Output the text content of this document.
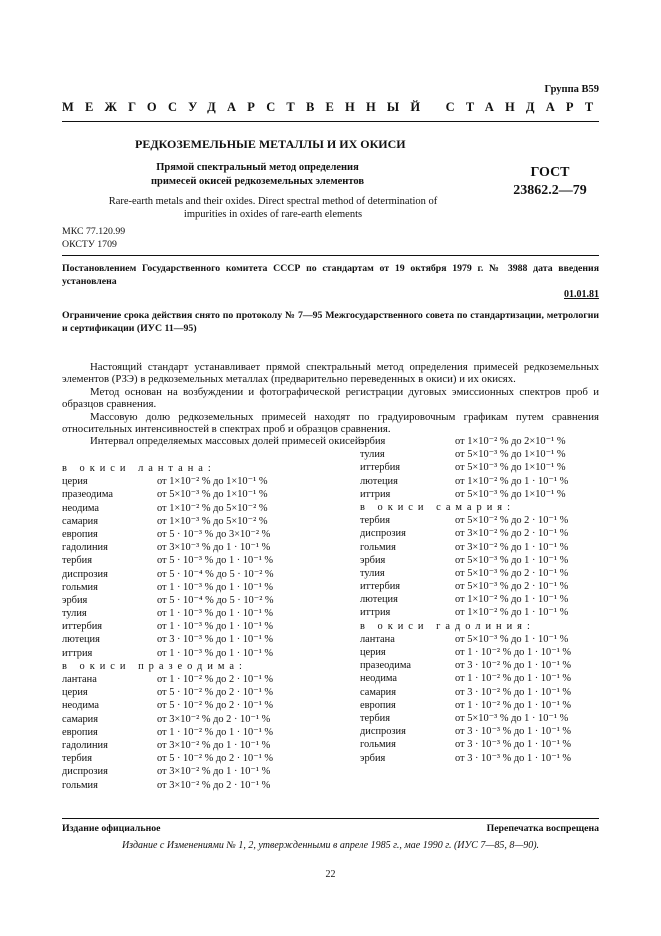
Группа В59
МЕЖГОСУДАРСТВЕННЫЙ СТАНДАРТ
РЕДКОЗЕМЕЛЬНЫЕ МЕТАЛЛЫ И ИХ ОКИСИ
Прямой спектральный метод определения примесей окисей редкоземельных элементов
ГОСТ
23862.2—79
Rare-earth metals and their oxides. Direct spectral method of determination of impurities in oxides of rare-earth elements
МКС 77.120.99
ОКСТУ 1709
Постановлением Государственного комитета СССР по стандартам от 19 октября 1979 г. № 3988 дата введения установлена
01.01.81
Ограничение срока действия снято по протоколу № 7—95 Межгосударственного совета по стандартизации, метрологии и сертификации (ИУС 11—95)

Настоящий стандарт устанавливает прямой спектральный метод определения примесей редкоземельных элементов (РЗЭ) в редкоземельных металлах (предварительно переведенных в окиси) и их окисях.

Метод основан на возбуждении и фотографической регистрации дуговых эмиссионных спектров проб и образцов сравнения.

Массовую долю редкоземельных примесей находят по градуировочным графикам путем сравнения относительных интенсивностей в спектрах проб и образцов сравнения.

Интервал определяемых массовых долей примесей окисей:

в окиси лантана:
церия	от 1×10⁻² % до 1×10⁻¹ %
празеодима	от 5×10⁻³ % до 1×10⁻¹ %
неодима	от 1×10⁻² % до 5×10⁻² %
самария	от 1×10⁻³ % до 5×10⁻² %
европия	от 5 · 10⁻³ % до 3×10⁻² %
гадолиния	от 3×10⁻³ % до 1 · 10⁻¹ %
тербия	от 5 · 10⁻³ % до 1 · 10⁻¹ %
диспрозия	от 5 · 10⁻⁴ % до 5 · 10⁻² %
гольмия	от 1 · 10⁻³ % до 1 · 10⁻¹ %
эрбия	от 5 · 10⁻⁴ % до 5 · 10⁻² %
тулия	от 1 · 10⁻³ % до 1 · 10⁻¹ %
иттербия	от 1 · 10⁻³ % до 1 · 10⁻¹ %
лютеция	от 3 · 10⁻³ % до 1 · 10⁻¹ %
иттрия	от 1 · 10⁻³ % до 1 · 10⁻¹ %
в окиси празеодима:
лантана	от 1 · 10⁻² % до 2 · 10⁻¹ %
церия	от 5 · 10⁻² % до 2 · 10⁻¹ %
неодима	от 5 · 10⁻² % до 2 · 10⁻¹ %
самария	от 3×10⁻² % до 2 · 10⁻¹ %
европия	от 1 · 10⁻² % до 1 · 10⁻¹ %
гадолиния	от 3×10⁻² % до 1 · 10⁻¹ %
тербия	от 5 · 10⁻² % до 2 · 10⁻¹ %
диспрозия	от 3×10⁻² % до 1 · 10⁻¹ %
гольмия	от 3×10⁻² % до 2 · 10⁻¹ %
эрбия	от 1×10⁻² % до 2×10⁻¹ %
тулия	от 5×10⁻³ % до 1×10⁻¹ %
иттербия	от 5×10⁻³ % до 1×10⁻¹ %
лютеция	от 1×10⁻² % до 1 · 10⁻¹ %
иттрия	от 5×10⁻³ % до 1×10⁻¹ %
в окиси самария:
тербия	от 5×10⁻² % до 2 · 10⁻¹ %
диспрозия	от 3×10⁻² % до 2 · 10⁻¹ %
гольмия	от 3×10⁻² % до 1 · 10⁻¹ %
эрбия	от 5×10⁻³ % до 1 · 10⁻¹ %
тулия	от 5×10⁻³ % до 2 · 10⁻¹ %
иттербия	от 5×10⁻³ % до 2 · 10⁻¹ %
лютеция	от 1×10⁻² % до 1 · 10⁻¹ %
иттрия	от 1×10⁻² % до 1 · 10⁻¹ %
в окиси гадолиния:
лантана	от 5×10⁻³ % до 1 · 10⁻¹ %
церия	от 1 · 10⁻² % до 1 · 10⁻¹ %
празеодима	от 3 · 10⁻² % до 1 · 10⁻¹ %
неодима	от 1 · 10⁻² % до 1 · 10⁻¹ %
самария	от 3 · 10⁻² % до 1 · 10⁻¹ %
европия	от 1 · 10⁻² % до 1 · 10⁻¹ %
тербия	от 5×10⁻³ % до 1 · 10⁻¹ %
диспрозия	от 3 · 10⁻³ % до 1 · 10⁻¹ %
гольмия	от 3 · 10⁻³ % до 1 · 10⁻¹ %
эрбия	от 3 · 10⁻³ % до 1 · 10⁻¹ %
Издание официальное	Перепечатка воспрещена
Издание с Изменениями № 1, 2, утвержденными в апреле 1985 г., мае 1990 г. (ИУС 7—85, 8—90).
22
